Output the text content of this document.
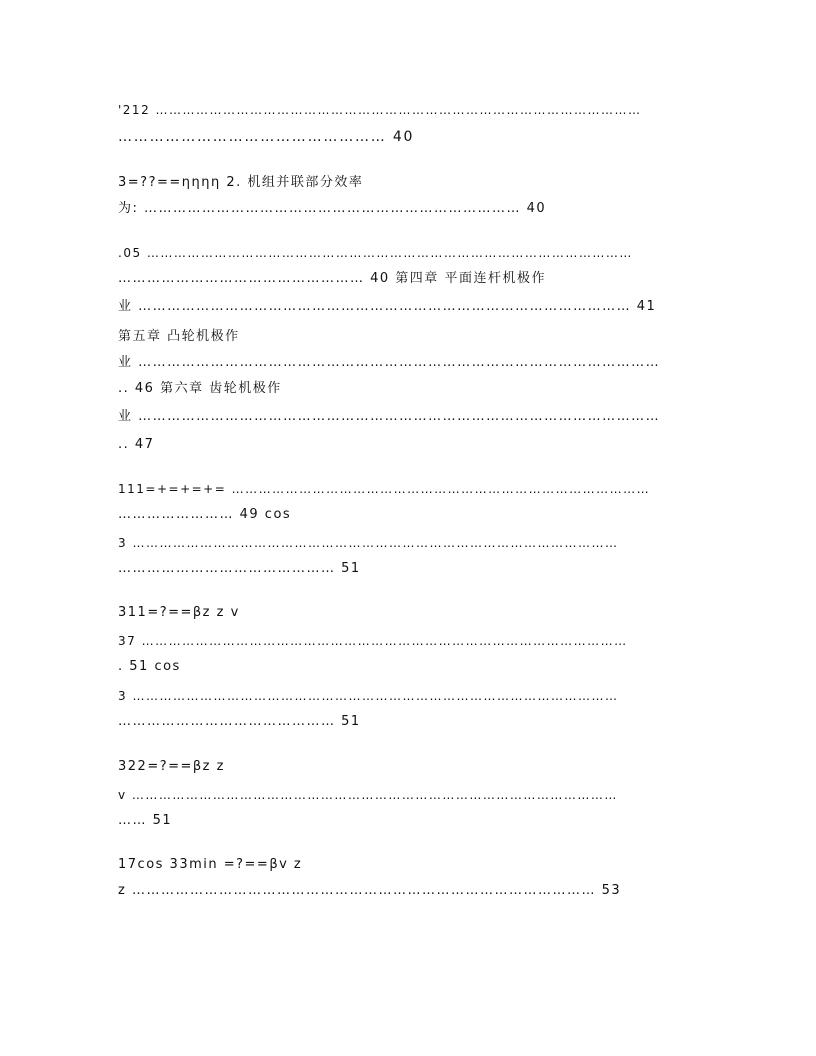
'212 ………………………………………………………………………………………………
…………………………………………… 40
3=??==ηηηη 2. 机组并联部分效率
为: …………………………………………………………………… 40
.05 ………………………………………………………………………………………………
…………………………………………… 40 第四章 平面连杆机极作
业 ………………………………………………………………………………………… 41
第五章 凸轮机极作
业 ………………………………………………………………………………………………
.. 46 第六章 齿轮机极作
业 ………………………………………………………………………………………………
.. 47
111=+=+=+= …………………………………………………………………………………
…………………… 49 cos
3 ………………………………………………………………………………………………
……………………………………… 51
311=?==βz z v
37 ………………………………………………………………………………………………
. 51 cos
3 ………………………………………………………………………………………………
……………………………………… 51
322=?==βz z
v ………………………………………………………………………………………………
…… 51
17cos 33min =?==βv z
z …………………………………………………………………………………… 53
